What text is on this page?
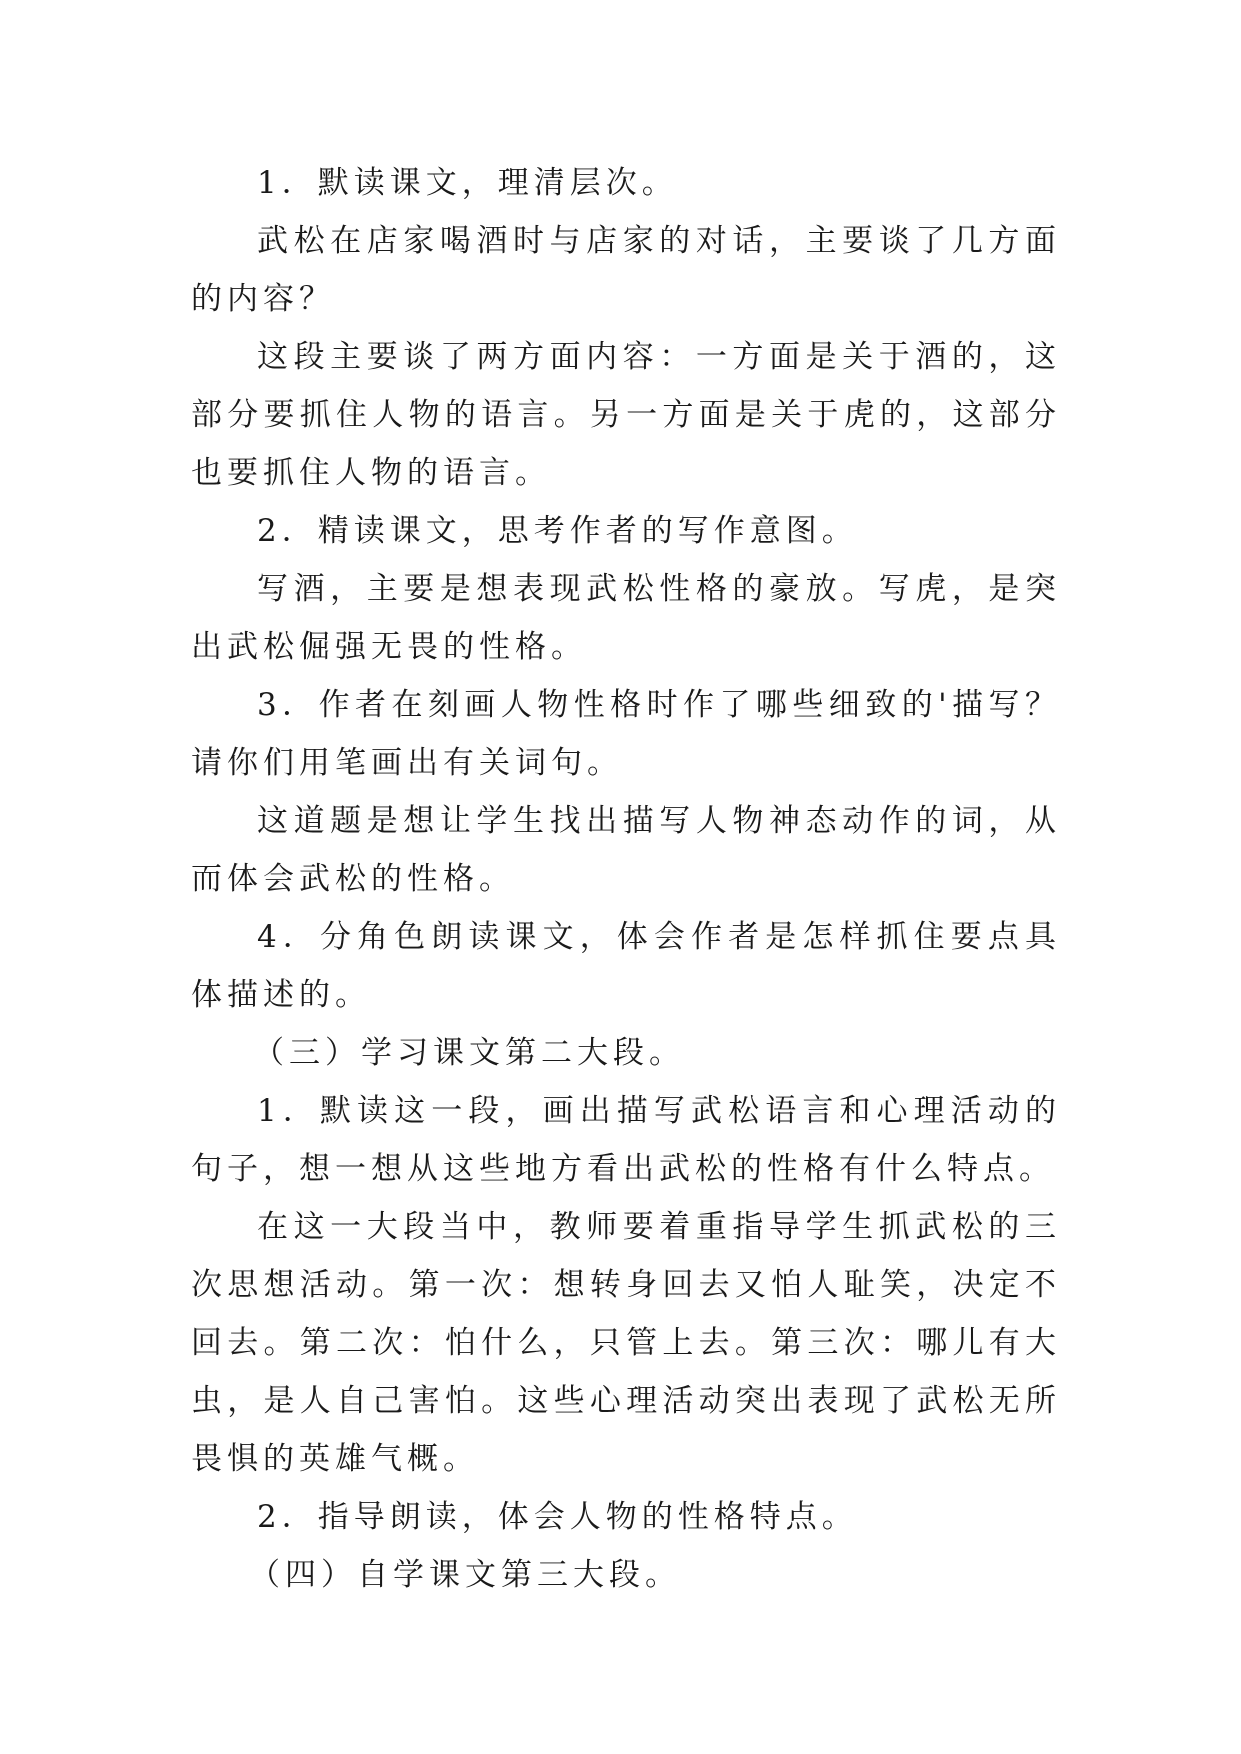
1．默读课文，理清层次。

武松在店家喝酒时与店家的对话，主要谈了几方面的内容？

这段主要谈了两方面内容：一方面是关于酒的，这部分要抓住人物的语言。另一方面是关于虎的，这部分也要抓住人物的语言。

2．精读课文，思考作者的写作意图。

写酒，主要是想表现武松性格的豪放。写虎，是突出武松倔强无畏的性格。

3．作者在刻画人物性格时作了哪些细致的'描写？请你们用笔画出有关词句。

这道题是想让学生找出描写人物神态动作的词，从而体会武松的性格。

4．分角色朗读课文，体会作者是怎样抓住要点具体描述的。

（三）学习课文第二大段。

1．默读这一段，画出描写武松语言和心理活动的句子，想一想从这些地方看出武松的性格有什么特点。

在这一大段当中，教师要着重指导学生抓武松的三次思想活动。第一次：想转身回去又怕人耻笑，决定不回去。第二次：怕什么，只管上去。第三次：哪儿有大虫，是人自己害怕。这些心理活动突出表现了武松无所畏惧的英雄气概。

2．指导朗读，体会人物的性格特点。

（四）自学课文第三大段。
